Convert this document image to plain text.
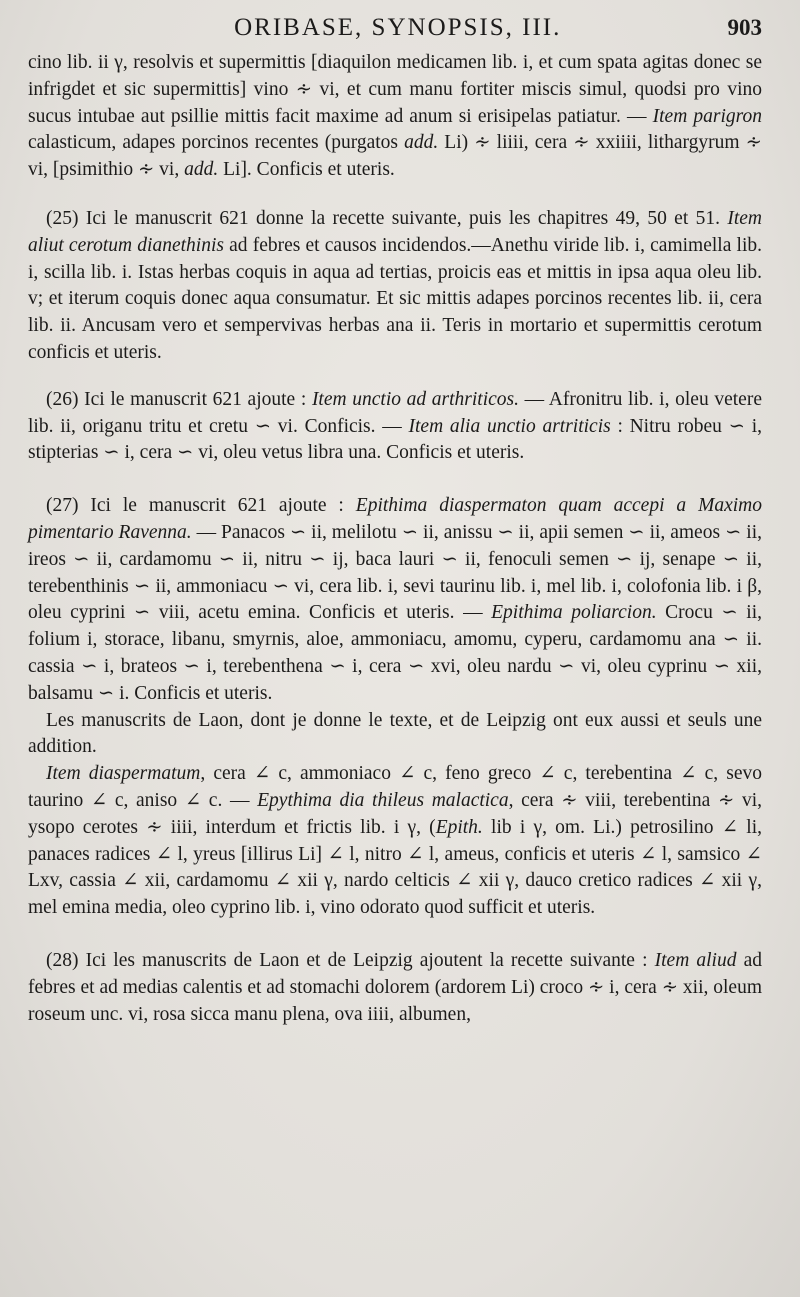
ORIBASE, SYNOPSIS, III.	903

cino lib. ii γ, resolvis et supermittis [diaquilon medicamen lib. i, et cum spata agitas donec se infrigdet et sic supermittis] vino ∻ vi, et cum manu fortiter miscis simul, quodsi pro vino sucus intubae aut psillie mittis facit maxime ad anum si erisipelas patiatur. — Item parigron calasticum, adapes porcinos recentes (purgatos add. Li) ∻ liiii, cera ∻ xxiiii, lithargyrum ∻ vi, [psimithio ∻ vi, add. Li]. Conficis et uteris.

(25) Ici le manuscrit 621 donne la recette suivante, puis les chapitres 49, 50 et 51. Item aliut cerotum dianethinis ad febres et causos incidendos.—Anethu viride lib. i, camimella lib. i, scilla lib. i. Istas herbas coquis in aqua ad tertias, proicis eas et mittis in ipsa aqua oleu lib. v; et iterum coquis donec aqua consumatur. Et sic mittis adapes porcinos recentes lib. ii, cera lib. ii. Ancusam vero et sempervivas herbas ana ii. Teris in mortario et supermittis cerotum conficis et uteris.

(26) Ici le manuscrit 621 ajoute : Item unctio ad arthriticos. — Afronitru lib. i, oleu vetere lib. ii, origanu tritu et cretu ∽ vi. Conficis. — Item alia unctio artriticis : Nitru robeu ∽ i, stipterias ∽ i, cera ∽ vi, oleu vetus libra una. Conficis et uteris.

(27) Ici le manuscrit 621 ajoute : Epithima diaspermaton quam accepi a Maximo pimentario Ravenna. — Panacos ∽ ii, melilotu ∽ ii, anissu ∽ ii, apii semen ∽ ii, ameos ∽ ii, ireos ∽ ii, cardamomu ∽ ii, nitru ∽ ij, baca lauri ∽ ii, fenoculi semen ∽ ij, senape ∽ ii, terebenthinis ∽ ii, ammoniacu ∽ vi, cera lib. i, sevi taurinu lib. i, mel lib. i, colofonia lib. i β, oleu cyprini ∽ viii, acetu emina. Conficis et uteris. — Epithima poliarcion. Crocu ∽ ii, folium i, storace, libanu, smyrnis, aloe, ammoniacu, amomu, cyperu, cardamomu ana ∽ ii. cassia ∽ i, brateos ∽ i, terebenthena ∽ i, cera ∽ xvi, oleu nardu ∽ vi, oleu cyprinu ∽ xii, balsamu ∽ i. Conficis et uteris.

Les manuscrits de Laon, dont je donne le texte, et de Leipzig ont eux aussi et seuls une addition.

Item diaspermatum, cera ∠ c, ammoniaco ∠ c, feno greco ∠ c, terebentina ∠ c, sevo taurino ∠ c, aniso ∠ c. — Epythima dia thileus malactica, cera ∻ viii, terebentina ∻ vi, ysopo cerotes ∻ iiii, interdum et frictis lib. i γ, (Epith. lib i γ, om. Li.) petrosilino ∠ li, panaces radices ∠ l, yreus [illirus Li] ∠ l, nitro ∠ l, ameus, conficis et uteris ∠ l, samsico ∠ Lxv, cassia ∠ xii, cardamomu ∠ xii γ, nardo celticis ∠ xii γ, dauco cretico radices ∠ xii γ, mel emina media, oleo cyprino lib. i, vino odorato quod sufficit et uteris.

(28) Ici les manuscrits de Laon et de Leipzig ajoutent la recette suivante : Item aliud ad febres et ad medias calentis et ad stomachi dolorem (ardorem Li) croco ∻ i, cera ∻ xii, oleum roseum unc. vi, rosa sicca manu plena, ova iiii, albumen,
